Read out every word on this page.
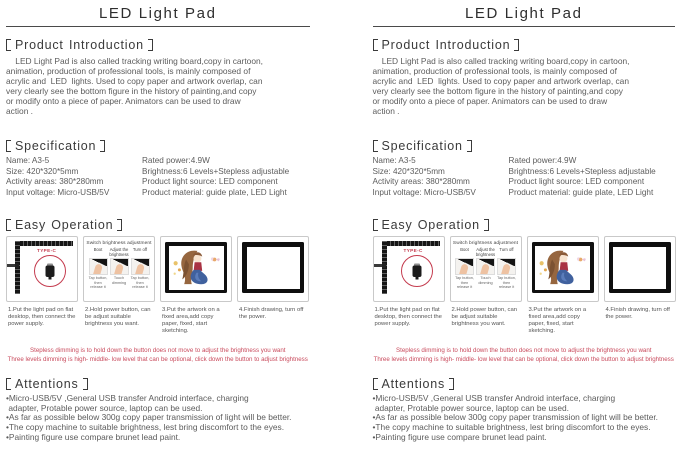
LED Light Pad
Product Introduction
LED Light Pad is also called tracking writing board,copy in cartoon,
animation, production of professional tools, is mainly composed of
acrylic and  LED  lights. Used to copy paper and artwork overlap, can
very clearly see the bottom figure in the history of painting,and copy
or modify onto a piece of paper. Animators can be used to draw
action .
Specification
Name: A3-5
Size: 420*320*5mm
Activity areas: 380*280mm
Input voltage: Micro-USB/5V
Rated power:4.9W
Brightness:6 Levels+Stepless adjustable
Product light source: LED component
Product material: guide plate, LED Light
Easy Operation
TYPE-C
Switch brightness adjustment
Boot
Tap button, then release it
Adjust the brightness
Touch dimming
Turn off
Tap button, then release it
1.Put the light pad on flat desktop, then connect the power supply.
2.Hold power button, can be adjust suitable brightness you want.
3.Put the artwork on a fixed area,add copy paper, fixed, start sketching.
4.Finish drawing, turn off the power.
Stepless dimming is to hold down the button does not move to adjust the brightness you want
Three levels dimming is high- middle- low level that can be optional, click down the button to adjust brightness
Attentions
•Micro-USB/5V ,General USB transfer Android interface, charging
adapter, Protable power source, laptop can be used.
•As far as possible below 300g copy paper transmission of light will be better.
•The copy machine to suitable brightness, lest bring discomfort to the eyes.
•Painting figure use compare brunet lead paint.
LED Light Pad
Product Introduction
LED Light Pad is also called tracking writing board,copy in cartoon,
animation, production of professional tools, is mainly composed of
acrylic and  LED  lights. Used to copy paper and artwork overlap, can
very clearly see the bottom figure in the history of painting,and copy
or modify onto a piece of paper. Animators can be used to draw
action .
Specification
Name: A3-5
Size: 420*320*5mm
Activity areas: 380*280mm
Input voltage: Micro-USB/5V
Rated power:4.9W
Brightness:6 Levels+Stepless adjustable
Product light source: LED component
Product material: guide plate, LED Light
Easy Operation
TYPE-C
Switch brightness adjustment
Boot
Tap button, then release it
Adjust the brightness
Touch dimming
Turn off
Tap button, then release it
1.Put the light pad on flat desktop, then connect the power supply.
2.Hold power button, can be adjust suitable brightness you want.
3.Put the artwork on a fixed area,add copy paper, fixed, start sketching.
4.Finish drawing, turn off the power.
Stepless dimming is to hold down the button does not move to adjust the brightness you want
Three levels dimming is high- middle- low level that can be optional, click down the button to adjust brightness
Attentions
•Micro-USB/5V ,General USB transfer Android interface, charging
adapter, Protable power source, laptop can be used.
•As far as possible below 300g copy paper transmission of light will be better.
•The copy machine to suitable brightness, lest bring discomfort to the eyes.
•Painting figure use compare brunet lead paint.
